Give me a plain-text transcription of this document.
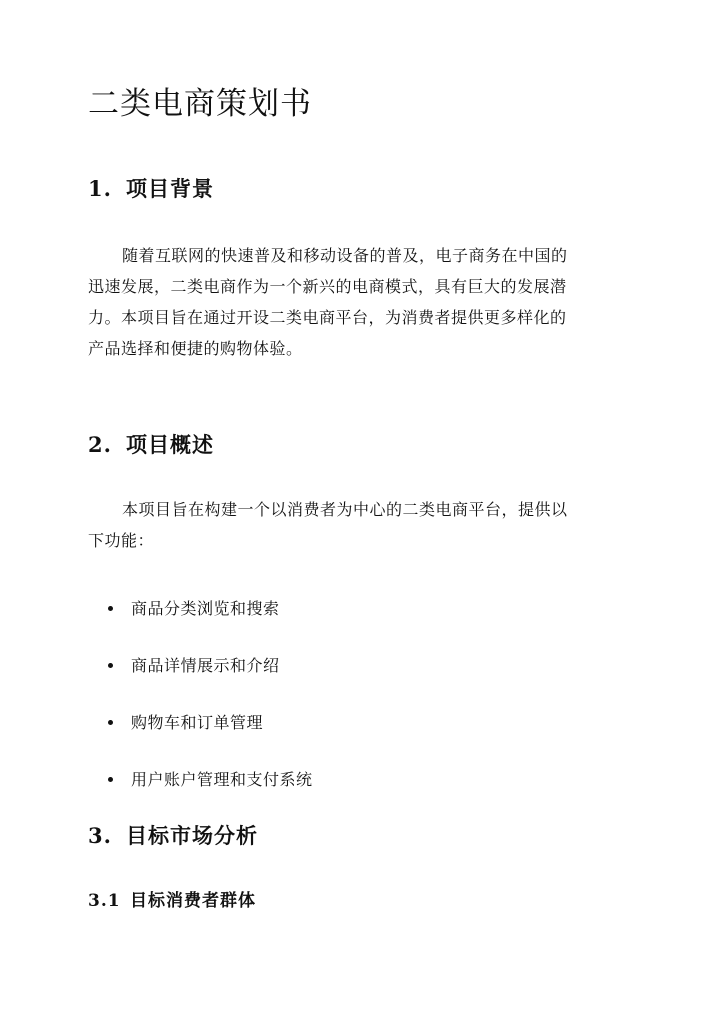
二类电商策划书
1. 项目背景
随着互联网的快速普及和移动设备的普及，电子商务在中国的
迅速发展，二类电商作为一个新兴的电商模式，具有巨大的发展潜
力。本项目旨在通过开设二类电商平台，为消费者提供更多样化的
产品选择和便捷的购物体验。
2. 项目概述
本项目旨在构建一个以消费者为中心的二类电商平台，提供以
下功能：
商品分类浏览和搜索
商品详情展示和介绍
购物车和订单管理
用户账户管理和支付系统
3. 目标市场分析
3.1 目标消费者群体
